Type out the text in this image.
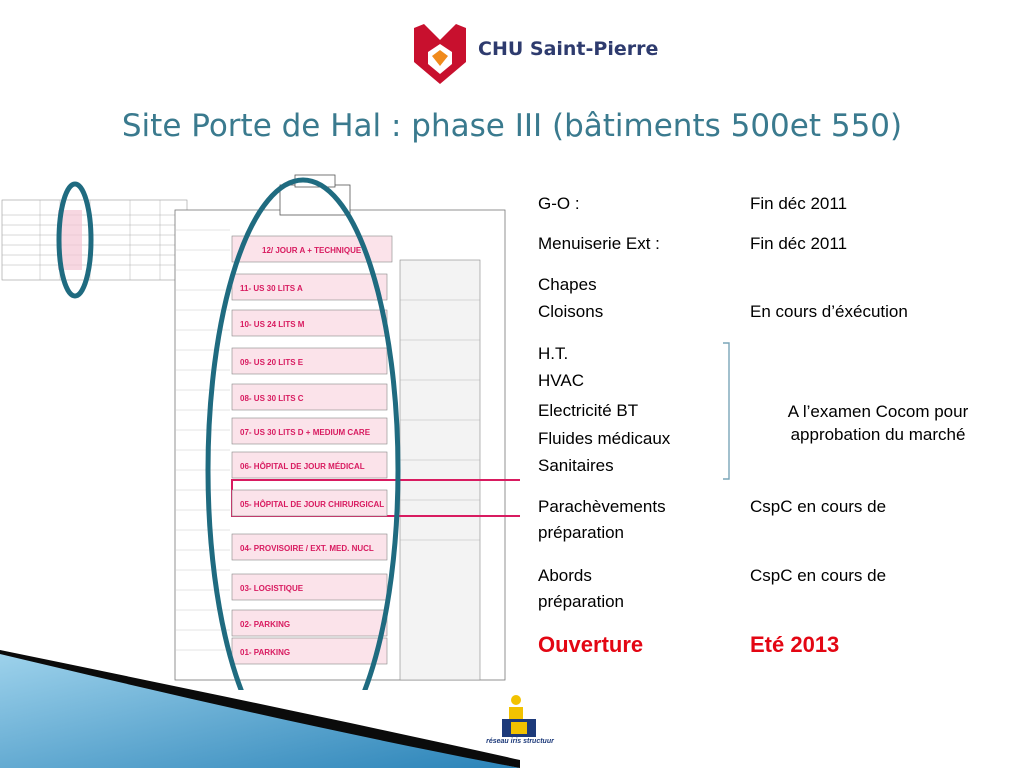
CHU Saint-Pierre
Site Porte de Hal : phase III (bâtiments 500et 550)
12/ JOUR A + TECHNIQUE
11- US 30 LITS A
10- US 24 LITS M
09- US 20 LITS E
08- US 30 LITS C
07- US 30 LITS D + MEDIUM CARE
06- HÔPITAL DE JOUR MÉDICAL
05- HÔPITAL DE JOUR CHIRURGICAL
04- PROVISOIRE / EXT. MED. NUCL
03- LOGISTIQUE
02- PARKING
01- PARKING
G-O :	Fin déc 2011
Menuiserie Ext :	Fin déc 2011
Chapes
Cloisons	En cours d’éxécution
H.T.
HVAC
Electricité BT
Fluides médicaux
Sanitaires
A l’examen Cocom pour
approbation du marché
Parachèvements	CspC en cours de
préparation
Abords	CspC en cours de
préparation
Ouverture	Eté 2013
réseau iris structuur
